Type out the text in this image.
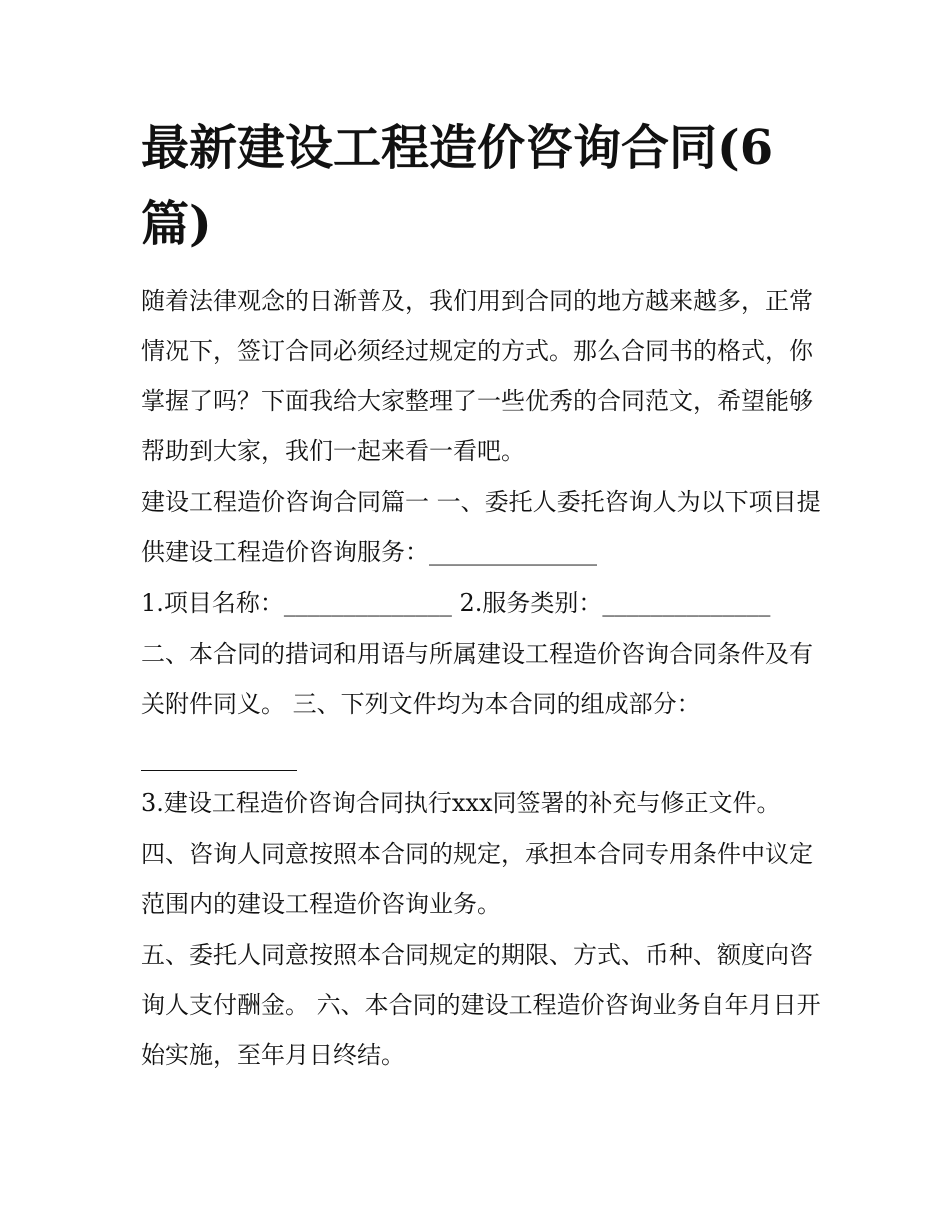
最新建设工程造价咨询合同(6篇)

随着法律观念的日渐普及，我们用到合同的地方越来越多，正常情况下，签订合同必须经过规定的方式。那么合同书的格式，你掌握了吗？下面我给大家整理了一些优秀的合同范文，希望能够帮助到大家，我们一起来看一看吧。

建设工程造价咨询合同篇一 一、委托人委托咨询人为以下项目提供建设工程造价咨询服务：______________

1.项目名称：______________ 2.服务类别：______________

二、本合同的措词和用语与所属建设工程造价咨询合同条件及有关附件同义。 三、下列文件均为本合同的组成部分：

3.建设工程造价咨询合同执行xxx同签署的补充与修正文件。

四、咨询人同意按照本合同的规定，承担本合同专用条件中议定范围内的建设工程造价咨询业务。

五、委托人同意按照本合同规定的期限、方式、币种、额度向咨询人支付酬金。 六、本合同的建设工程造价咨询业务自年月日开始实施，至年月日终结。
